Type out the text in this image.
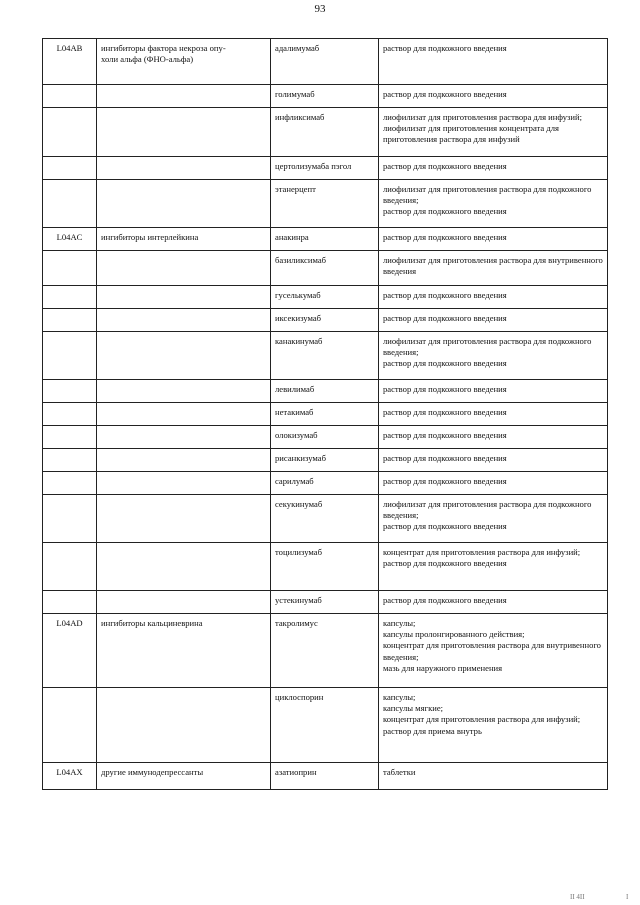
93
L04AB	ингибиторы фактора некроза опу-
холи альфа (ФНО-альфа)	адалимумаб	раствор для подкожного введения

		голимумаб	раствор для подкожного введения

		инфликсимаб	лиофилизат для приготовления раствора для инфузий;
лиофилизат для приготовления концентрата для приготовления раствора для инфузий

		цертолизумаба пэгол	раствор для подкожного введения

		этанерцепт	лиофилизат для приготовления раствора для подкожного введения;
раствор для подкожного введения

L04AC	ингибиторы интерлейкина	анакинра	раствор для подкожного введения

		базиликсимаб	лиофилизат для приготовления раствора для внутривенного введения

		гуселькумаб	раствор для подкожного введения

		иксекизумаб	раствор для подкожного введения

		канакинумаб	лиофилизат для приготовления раствора для подкожного введения;
раствор для подкожного введения

		левилимаб	раствор для подкожного введения

		нетакимаб	раствор для подкожного введения

		олокизумаб	раствор для подкожного введения

		рисанкизумаб	раствор для подкожного введения

		сарилумаб	раствор для подкожного введения

		секукинумаб	лиофилизат для приготовления раствора для подкожного введения;
раствор для подкожного введения

		тоцилизумаб	концентрат для приготовления раствора для инфузий;
раствор для подкожного введения

		устекинумаб	раствор для подкожного введения

L04AD	ингибиторы кальциневрина	такролимус	капсулы;
капсулы пролонгированного действия;
концентрат для приготовления раствора для внутривенного введения;
мазь для наружного применения

		циклоспорин	капсулы;
капсулы мягкие;
концентрат для приготовления раствора для инфузий;
раствор для приема внутрь

L04AX	другие иммунодепрессанты	азатиоприн	таблетки
II 4II	I
